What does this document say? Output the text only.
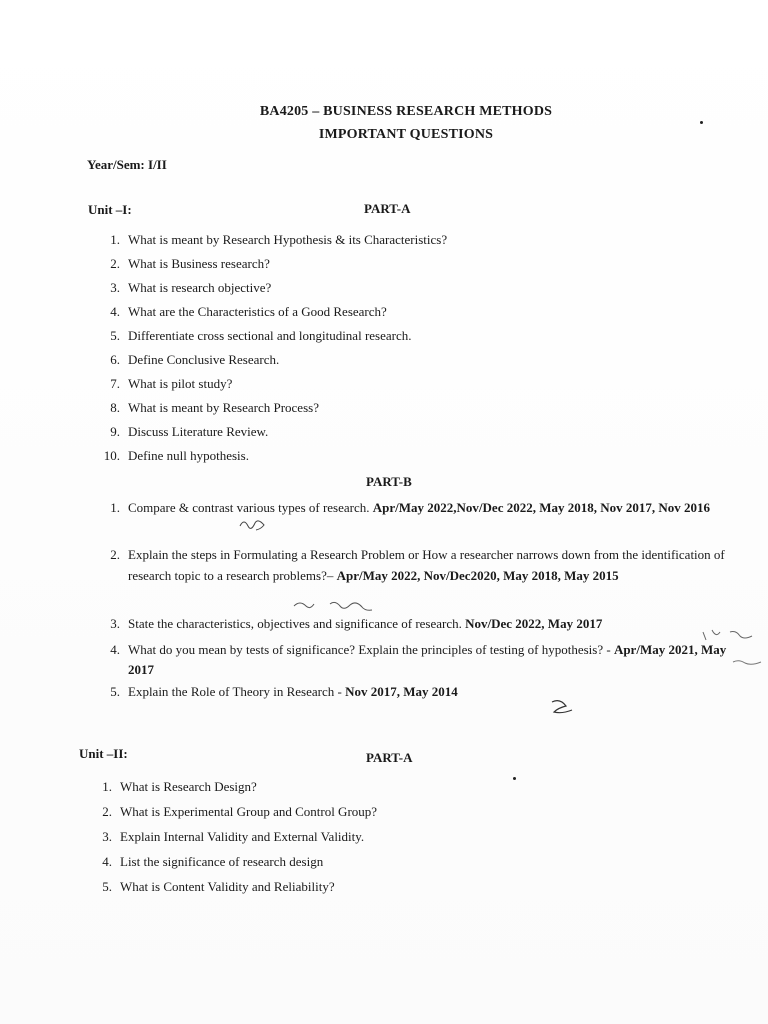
BA4205 – BUSINESS RESEARCH METHODS
IMPORTANT QUESTIONS
Year/Sem: I/II
Unit –I:	PART-A
1. What is meant by Research Hypothesis & its Characteristics?
2. What is Business research?
3. What is research objective?
4. What are the Characteristics of a Good Research?
5. Differentiate cross sectional and longitudinal research.
6. Define Conclusive Research.
7. What is pilot study?
8. What is meant by Research Process?
9. Discuss Literature Review.
10. Define null hypothesis.
PART-B
1. Compare & contrast various types of research. Apr/May 2022,Nov/Dec 2022, May 2018, Nov 2017, Nov 2016
2. Explain the steps in Formulating a Research Problem or How a researcher narrows down from the identification of research topic to a research problems?– Apr/May 2022, Nov/Dec2020, May 2018, May 2015
3. State the characteristics, objectives and significance of research. Nov/Dec 2022, May 2017
4. What do you mean by tests of significance? Explain the principles of testing of hypothesis? - Apr/May 2021, May 2017
5. Explain the Role of Theory in Research - Nov 2017, May 2014
Unit –II:	PART-A
1. What is Research Design?
2. What is Experimental Group and Control Group?
3. Explain Internal Validity and External Validity.
4. List the significance of research design
5. What is Content Validity and Reliability?
